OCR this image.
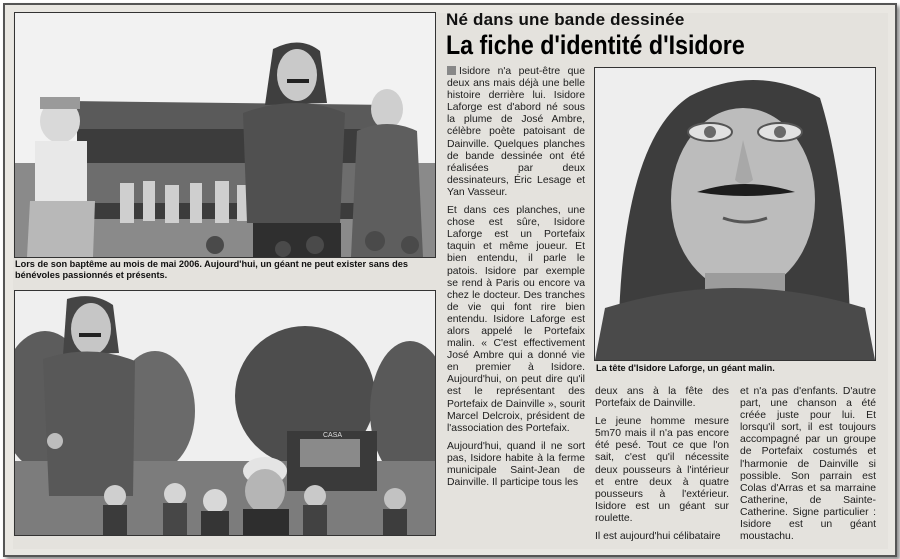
Lors de son baptême au mois de mai 2006. Aujourd'hui, un géant ne peut exister sans des bénévoles passionnés et présents.
CASA
Né dans une bande dessinée
La fiche d'identité d'Isidore

Isidore n'a peut-être que deux ans mais déjà une belle histoire derrière lui. Isidore Laforge est d'abord né sous la plume de José Ambre, célèbre poète patoisant de Dainville. Quelques planches de bande dessinée ont été réalisées par deux dessinateurs, Éric Lesage et Yan Vasseur.

Et dans ces planches, une chose est sûre, Isidore Laforge est un Portefaix taquin et même joueur. Et bien entendu, il parle le patois. Isidore par exemple se rend à Paris ou encore va chez le docteur. Des tranches de vie qui font rire bien entendu. Isidore Laforge est alors appelé le Portefaix malin. « C'est effectivement José Ambre qui a donné vie en premier à Isidore. Aujourd'hui, on peut dire qu'il est le représentant des Portefaix de Dainville », sourit Marcel Delcroix, président de l'association des Portefaix.

Aujourd'hui, quand il ne sort pas, Isidore habite à la ferme municipale Saint-Jean de Dainville. Il participe tous les

La tête d'Isidore Laforge, un géant malin.

deux ans à la fête des Portefaix de Dainville.

Le jeune homme mesure 5m70 mais il n'a pas encore été pesé. Tout ce que l'on sait, c'est qu'il nécessite deux pousseurs à l'intérieur et entre deux à quatre pousseurs à l'extérieur. Isidore est un géant sur roulette.

Il est aujourd'hui célibataire

et n'a pas d'enfants. D'autre part, une chanson a été créée juste pour lui. Et lorsqu'il sort, il est toujours accompagné par un groupe de Portefaix costumés et l'harmonie de Dainville si possible. Son parrain est Colas d'Arras et sa marraine Catherine, de Sainte-Catherine. Signe particulier : Isidore est un géant moustachu.
